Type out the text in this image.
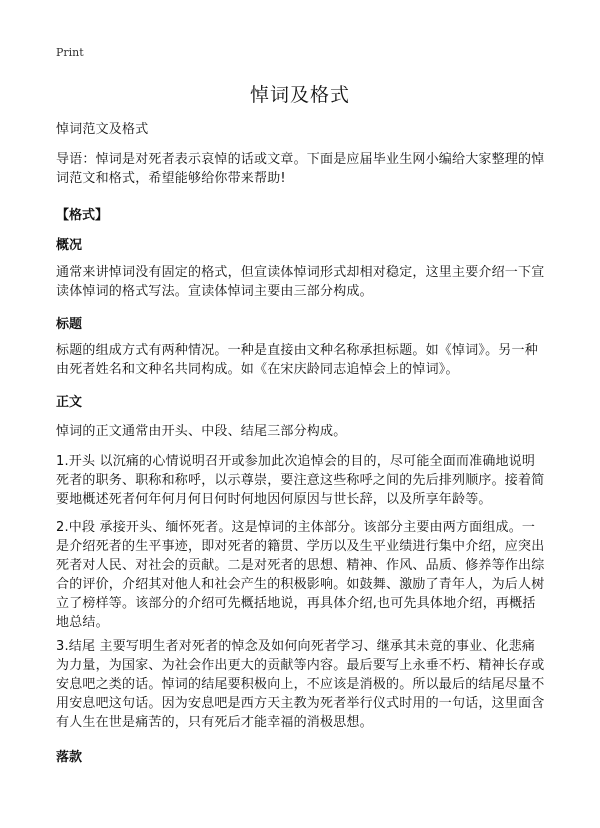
Print
悼词及格式
悼词范文及格式
导语：悼词是对死者表示哀悼的话或文章。下面是应届毕业生网小编给大家整理的悼词范文和格式，希望能够给你带来帮助!
【格式】
概况
通常来讲悼词没有固定的格式，但宣读体悼词形式却相对稳定，这里主要介绍一下宣读体悼词的格式写法。宣读体悼词主要由三部分构成。
标题
标题的组成方式有两种情况。一种是直接由文种名称承担标题。如《悼词》。另一种由死者姓名和文种名共同构成。如《在宋庆龄同志追悼会上的悼词》。
正文
悼词的正文通常由开头、中段、结尾三部分构成。
1.开头 以沉痛的心情说明召开或参加此次追悼会的目的，尽可能全面而准确地说明死者的职务、职称和称呼，以示尊崇，要注意这些称呼之间的先后排列顺序。接着简要地概述死者何年何月何日何时何地因何原因与世长辞，以及所享年龄等。
2.中段 承接开头、缅怀死者。这是悼词的主体部分。该部分主要由两方面组成。一是介绍死者的生平事迹，即对死者的籍贯、学历以及生平业绩进行集中介绍，应突出死者对人民、对社会的贡献。二是对死者的思想、精神、作风、品质、修养等作出综合的评价，介绍其对他人和社会产生的积极影响。如鼓舞、激励了青年人，为后人树立了榜样等。该部分的介绍可先概括地说，再具体介绍,也可先具体地介绍，再概括地总结。
3.结尾 主要写明生者对死者的悼念及如何向死者学习、继承其未竟的事业、化悲痛为力量，为国家、为社会作出更大的贡献等内容。最后要写上永垂不朽、精神长存或安息吧之类的话。悼词的结尾要积极向上，不应该是消极的。所以最后的结尾尽量不用安息吧这句话。因为安息吧是西方天主教为死者举行仪式时用的一句话，这里面含有人生在世是痛苦的，只有死后才能幸福的消极思想。
落款
